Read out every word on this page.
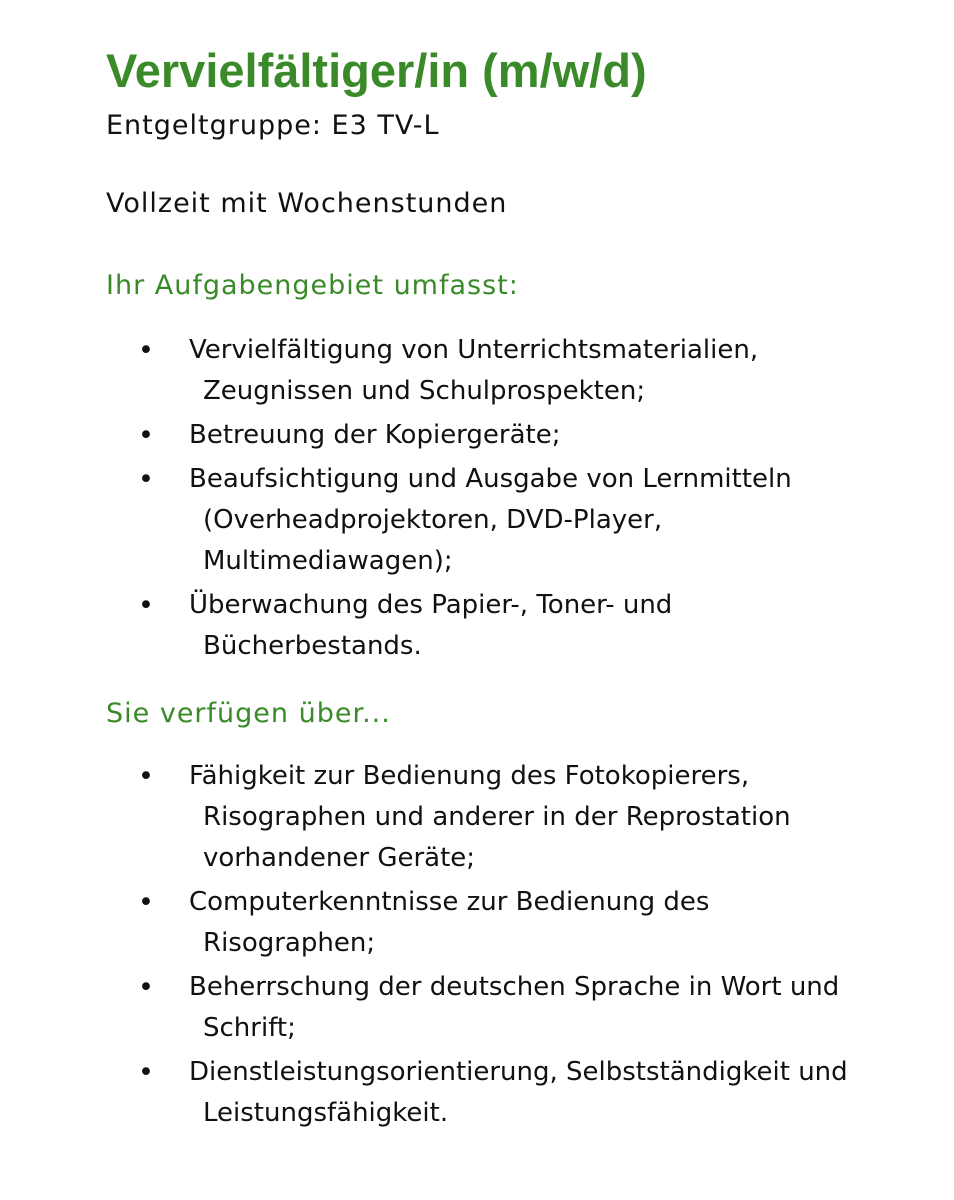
Vervielfältiger/in (m/w/d)

Entgeltgruppe: E3 TV-L

Vollzeit mit Wochenstunden

Ihr Aufgabengebiet umfasst:
• Vervielfältigung von Unterrichtsmaterialien, Zeugnissen und Schulprospekten;
• Betreuung der Kopiergeräte;
• Beaufsichtigung und Ausgabe von Lernmitteln (Overheadprojektoren, DVD-Player, Multimediawagen);
• Überwachung des Papier-, Toner- und Bücherbestands.
Sie verfügen über...
• Fähigkeit zur Bedienung des Fotokopierers, Risographen und anderer in der Reprostation vorhandener Geräte;
• Computerkenntnisse zur Bedienung des Risographen;
• Beherrschung der deutschen Sprache in Wort und Schrift;
• Dienstleistungsorientierung, Selbstständigkeit und Leistungsfähigkeit.
